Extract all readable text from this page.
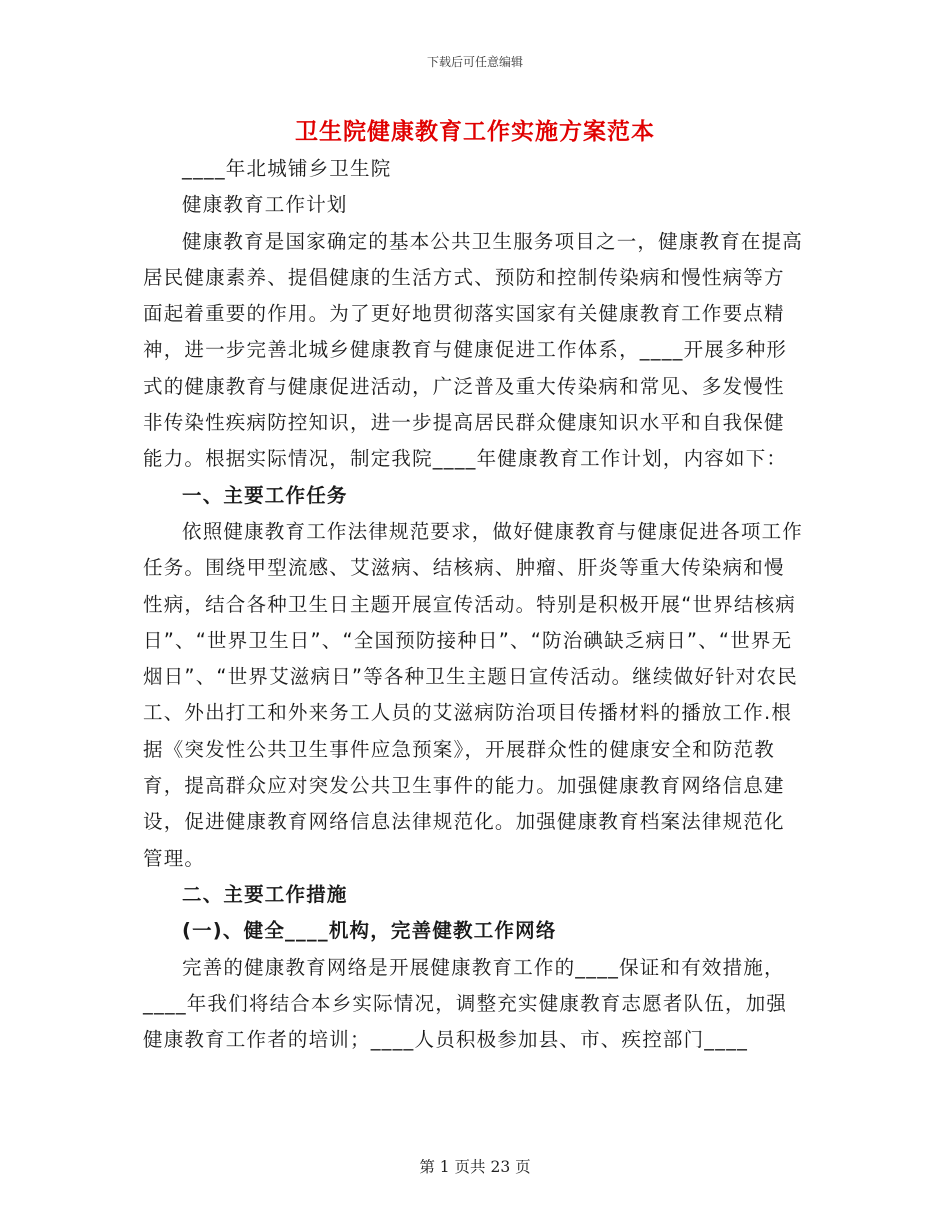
下载后可任意编辑
卫生院健康教育工作实施方案范本

____年北城铺乡卫生院

健康教育工作计划

健康教育是国家确定的基本公共卫生服务项目之一，健康教育在提高居民健康素养、提倡健康的生活方式、预防和控制传染病和慢性病等方面起着重要的作用。为了更好地贯彻落实国家有关健康教育工作要点精神，进一步完善北城乡健康教育与健康促进工作体系，____开展多种形式的健康教育与健康促进活动，广泛普及重大传染病和常见、多发慢性非传染性疾病防控知识，进一步提高居民群众健康知识水平和自我保健能力。根据实际情况，制定我院____年健康教育工作计划，内容如下：

一、主要工作任务

依照健康教育工作法律规范要求，做好健康教育与健康促进各项工作任务。围绕甲型流感、艾滋病、结核病、肿瘤、肝炎等重大传染病和慢性病，结合各种卫生日主题开展宣传活动。特别是积极开展“世界结核病日”、“世界卫生日”、“全国预防接种日”、“防治碘缺乏病日”、“世界无烟日”、“世界艾滋病日”等各种卫生主题日宣传活动。继续做好针对农民工、外出打工和外来务工人员的艾滋病防治项目传播材料的播放工作.根据《突发性公共卫生事件应急预案》，开展群众性的健康安全和防范教育，提高群众应对突发公共卫生事件的能力。加强健康教育网络信息建设，促进健康教育网络信息法律规范化。加强健康教育档案法律规范化管理。

二、主要工作措施

(一)、健全____机构，完善健教工作网络

完善的健康教育网络是开展健康教育工作的____保证和有效措施，____年我们将结合本乡实际情况，调整充实健康教育志愿者队伍，加强健康教育工作者的培训；____人员积极参加县、市、疾控部门____

第 1 页共 23 页
